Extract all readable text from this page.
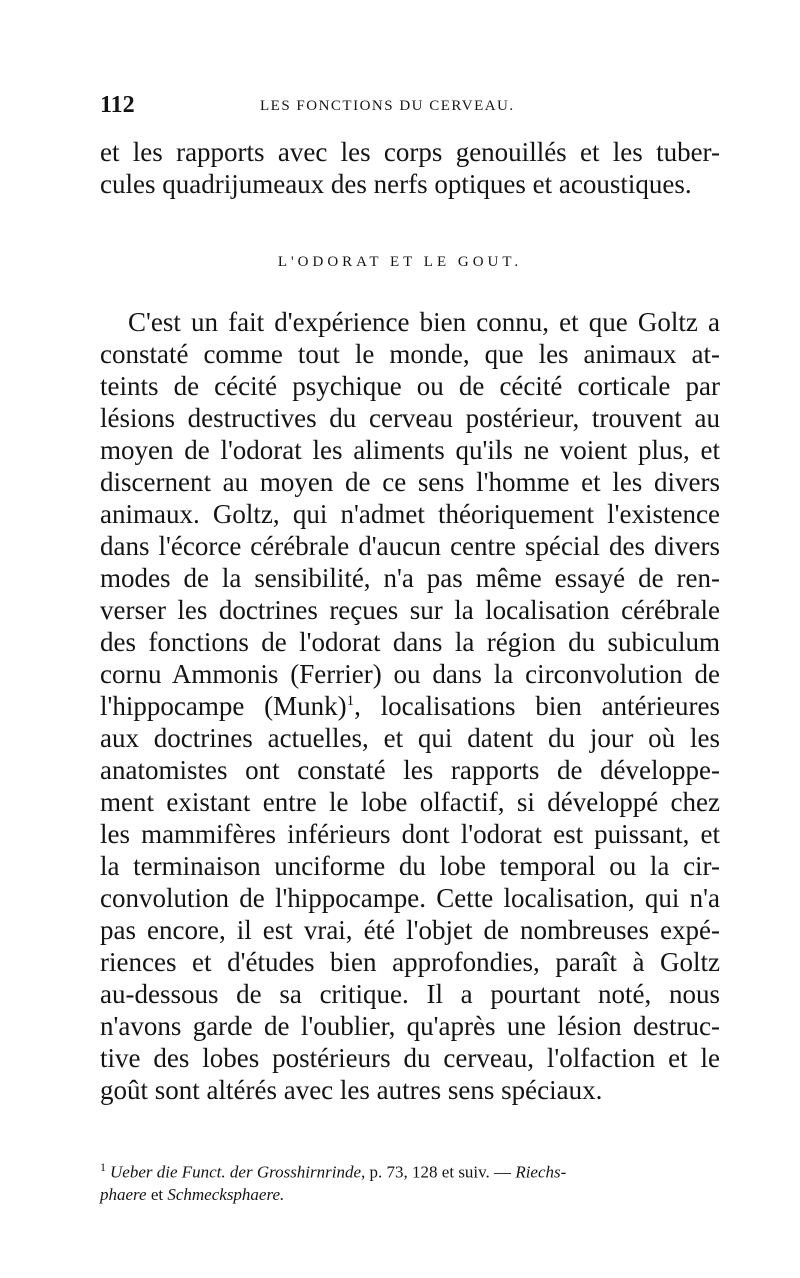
112	LES FONCTIONS DU CERVEAU.
et les rapports avec les corps genouillés et les tuber-
cules quadrijumeaux des nerfs optiques et acoustiques.
L'ODORAT ET LE GOUT.
C'est un fait d'expérience bien connu, et que Goltz a
constaté comme tout le monde, que les animaux at-
teints de cécité psychique ou de cécité corticale par
lésions destructives du cerveau postérieur, trouvent au
moyen de l'odorat les aliments qu'ils ne voient plus, et
discernent au moyen de ce sens l'homme et les divers
animaux. Goltz, qui n'admet théoriquement l'existence
dans l'écorce cérébrale d'aucun centre spécial des divers
modes de la sensibilité, n'a pas même essayé de ren-
verser les doctrines reçues sur la localisation cérébrale
des fonctions de l'odorat dans la région du subiculum
cornu Ammonis (Ferrier) ou dans la circonvolution de
l'hippocampe (Munk)$^1$, localisations bien antérieures
aux doctrines actuelles, et qui datent du jour où les
anatomistes ont constaté les rapports de développe-
ment existant entre le lobe olfactif, si développé chez
les mammifères inférieurs dont l'odorat est puissant, et
la terminaison unciforme du lobe temporal ou la cir-
convolution de l'hippocampe. Cette localisation, qui n'a
pas encore, il est vrai, été l'objet de nombreuses expé-
riences et d'études bien approfondies, paraît à Goltz
au-dessous de sa critique. Il a pourtant noté, nous
n'avons garde de l'oublier, qu'après une lésion destruc-
tive des lobes postérieurs du cerveau, l'olfaction et le
goût sont altérés avec les autres sens spéciaux.
$^1$ Ueber die Funct. der Grosshirnrinde, p. 73, 128 et suiv. — Riechs-
phaere et Schmecksphaere.
